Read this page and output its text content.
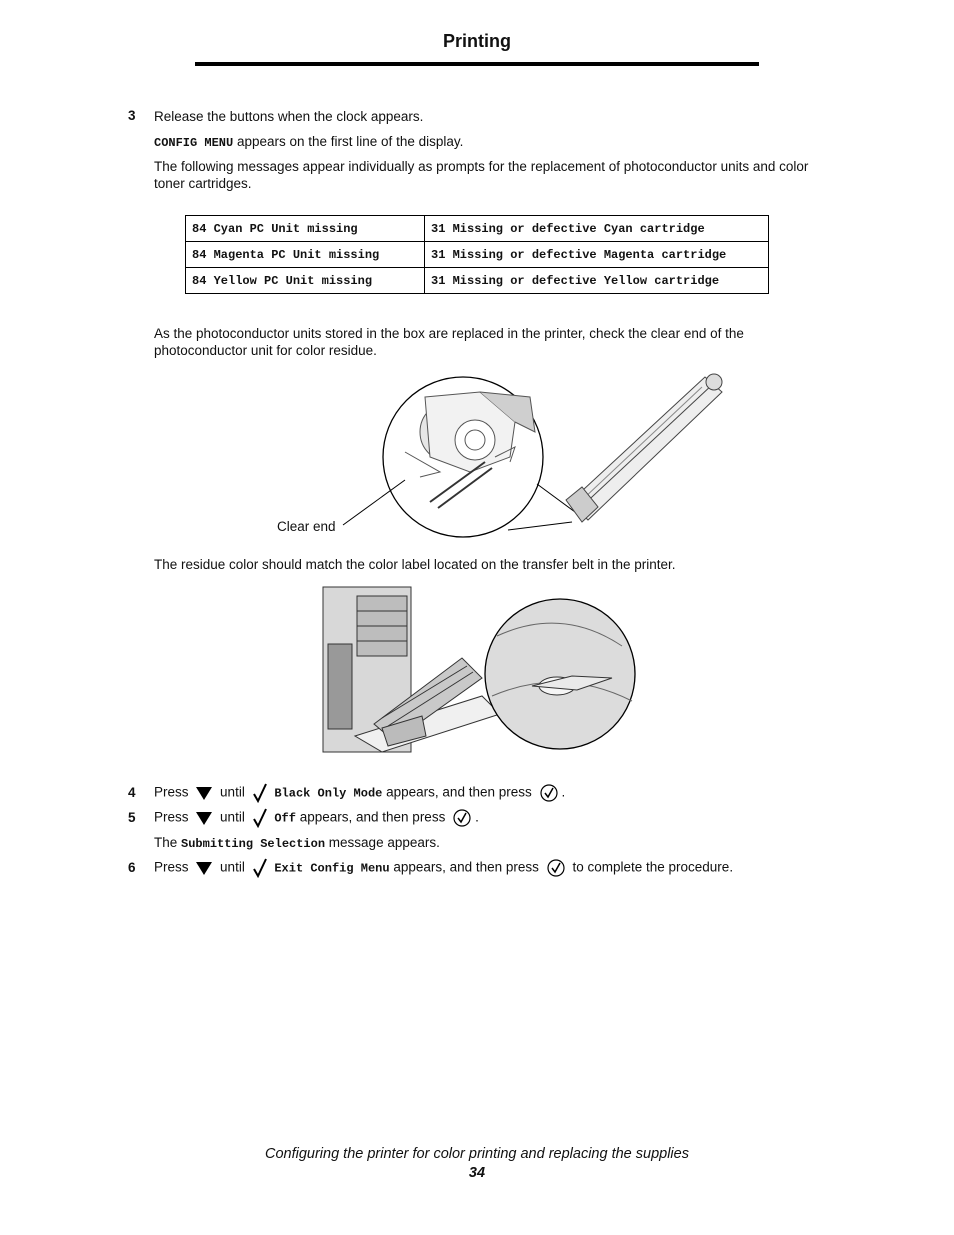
Printing
3 Release the buttons when the clock appears.
CONFIG MENU appears on the first line of the display.
The following messages appear individually as prompts for the replacement of photoconductor units and color
toner cartridges.
84 Cyan PC Unit missing	31 Missing or defective Cyan cartridge
84 Magenta PC Unit missing	31 Missing or defective Magenta cartridge
84 Yellow PC Unit missing	31 Missing or defective Yellow cartridge
As the photoconductor units stored in the box are replaced in the printer, check the clear end of the
photoconductor unit for color residue.
Clear end
The residue color should match the color label located on the transfer belt in the printer.
4 Press until Black Only Mode appears, and then press .
5 Press until Off appears, and then press .
The Submitting Selection message appears.
6 Press until Exit Config Menu appears, and then press to complete the procedure.
Configuring the printer for color printing and replacing the supplies
34
